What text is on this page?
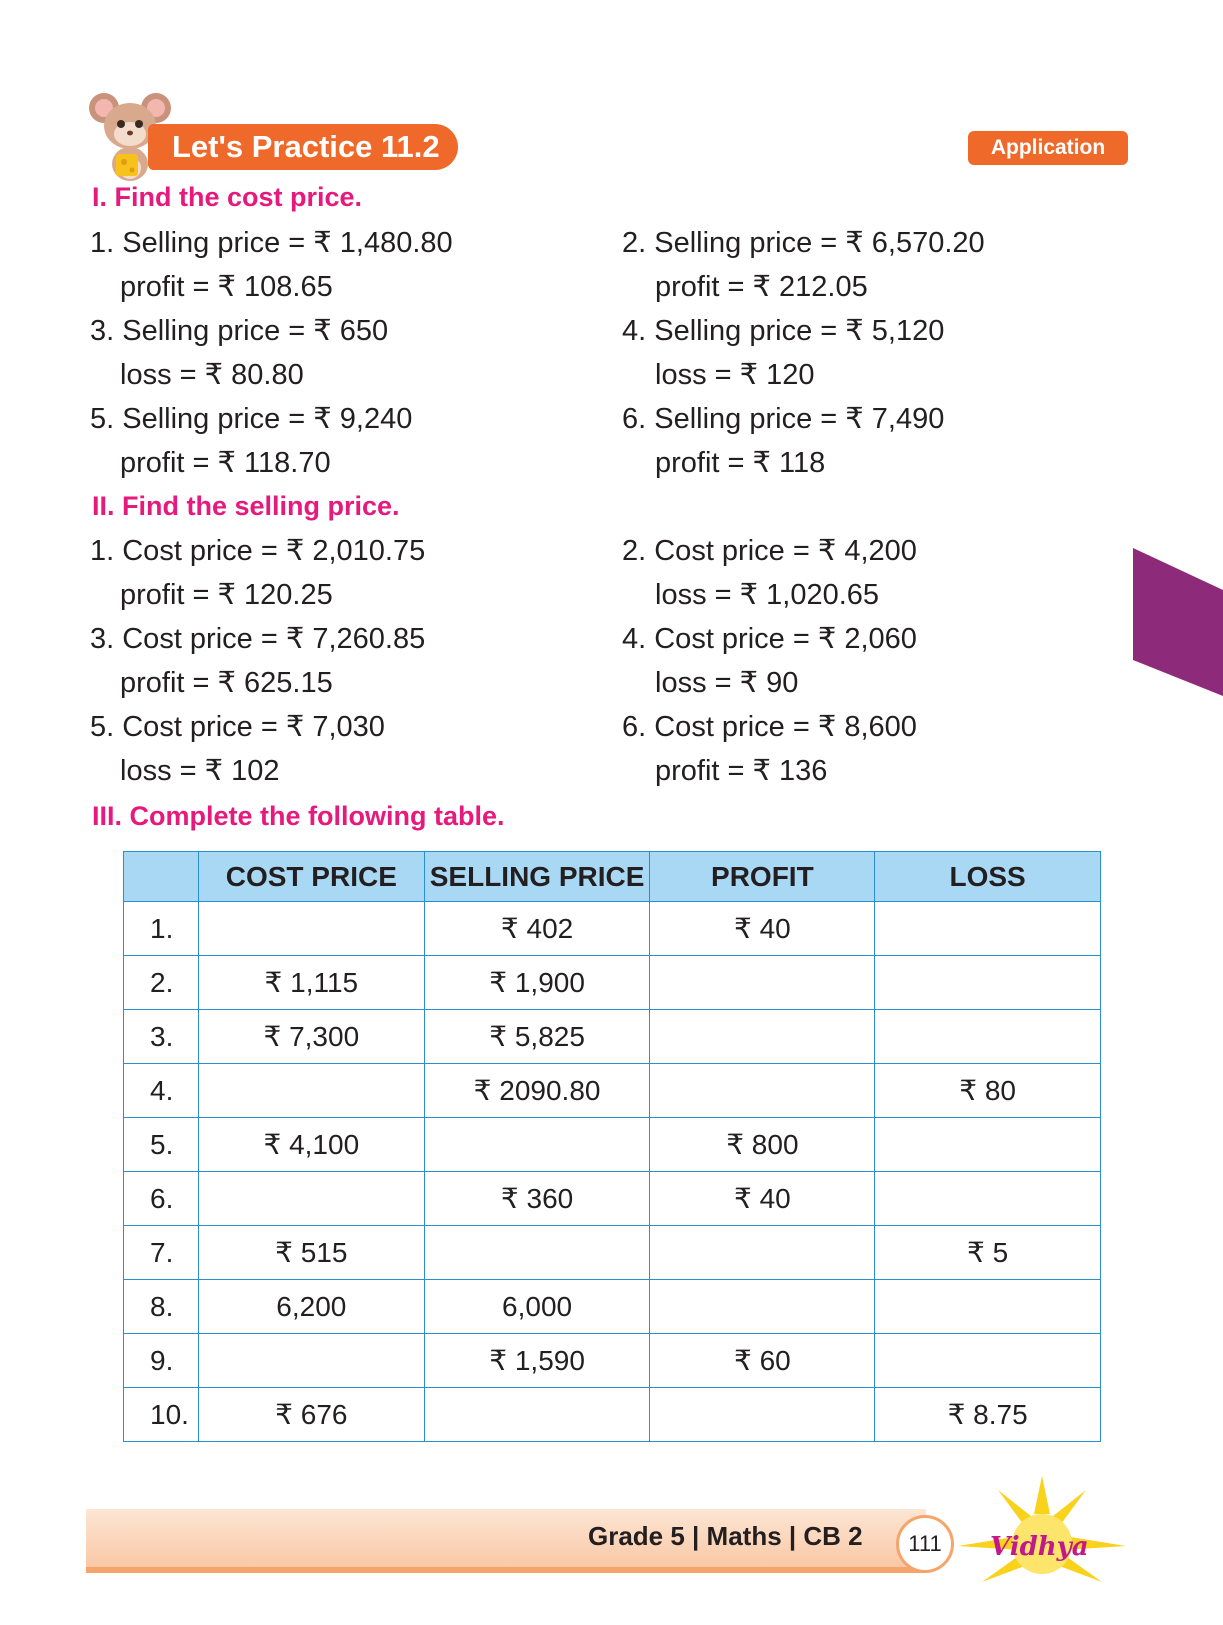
Let's Practice 11.2	Application
I. Find the cost price.
1. Selling price = ₹ 1,480.80
profit = ₹ 108.65
2. Selling price = ₹ 6,570.20
profit = ₹ 212.05
3. Selling price = ₹ 650
loss = ₹ 80.80
4. Selling price = ₹ 5,120
loss = ₹ 120
5. Selling price = ₹ 9,240
profit = ₹ 118.70
6. Selling price = ₹ 7,490
profit = ₹ 118
II. Find the selling price.
1. Cost price = ₹ 2,010.75
profit = ₹ 120.25
2. Cost price = ₹ 4,200
loss = ₹ 1,020.65
3. Cost price = ₹ 7,260.85
profit = ₹ 625.15
4. Cost price = ₹ 2,060
loss = ₹ 90
5. Cost price = ₹ 7,030
loss = ₹ 102
6. Cost price = ₹ 8,600
profit = ₹ 136
III. Complete the following table.
	COST PRICE	SELLING PRICE	PROFIT	LOSS
1.		₹ 402	₹ 40	
2.	₹ 1,115	₹ 1,900		
3.	₹ 7,300	₹ 5,825		
4.		₹ 2090.80		₹ 80
5.	₹ 4,100		₹ 800	
6.		₹ 360	₹ 40	
7.	₹ 515			₹ 5
8.	6,200	6,000		
9.		₹ 1,590	₹ 60	
10.	₹ 676			₹ 8.75
Grade 5 | Maths | CB 2	111	Vidhya
